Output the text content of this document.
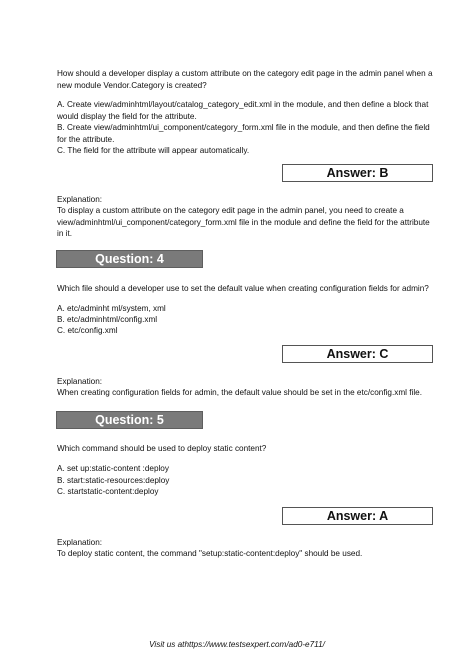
How should a developer display a custom attribute on the category edit page in the admin panel when a new module Vendor.Category is created?
A. Create view/adminhtml/layout/catalog_category_edit.xml in the module, and then define a block that would display the field for the attribute.
B. Create view/adminhtml/ui_component/category_form.xml file in the module, and then define the field for the attribute.
C. The field for the attribute will appear automatically.
Answer: B
Explanation:
To display a custom attribute on the category edit page in the admin panel, you need to create a view/adminhtml/ui_component/category_form.xml file in the module and define the field for the attribute in it.
Question: 4
Which file should a developer use to set the default value when creating configuration fields for admin?
A. etc/adminht ml/system, xml
B. etc/adminhtml/config.xml
C. etc/config.xml
Answer: C
Explanation:
When creating configuration fields for admin, the default value should be set in the etc/config.xml file.
Question: 5
Which command should be used to deploy static content?
A. set up:static-content :deploy
B. start:static-resources:deploy
C. startstatic-content:deploy
Answer: A
Explanation:
To deploy static content, the command "setup:static-content:deploy" should be used.
Visit us athttps://www.testsexpert.com/ad0-e711/
